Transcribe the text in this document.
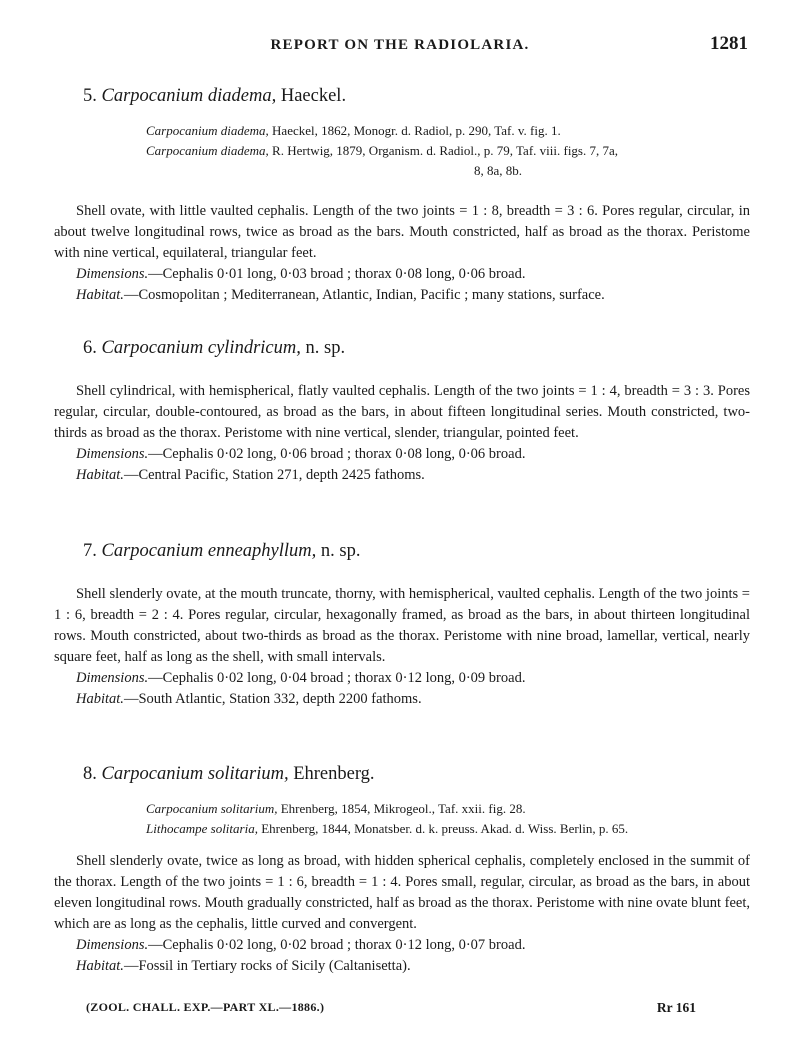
REPORT ON THE RADIOLARIA.	1281
5. Carpocanium diadema, Haeckel.
Carpocanium diadema, Haeckel, 1862, Monogr. d. Radiol, p. 290, Taf. v. fig. 1.
Carpocanium diadema, R. Hertwig, 1879, Organism. d. Radiol., p. 79, Taf. viii. figs. 7, 7a,
8, 8a, 8b.
Shell ovate, with little vaulted cephalis. Length of the two joints = 1 : 8, breadth = 3 : 6. Pores regular, circular, in about twelve longitudinal rows, twice as broad as the bars. Mouth constricted, half as broad as the thorax. Peristome with nine vertical, equilateral, triangular feet.
Dimensions.—Cephalis 0·01 long, 0·03 broad ; thorax 0·08 long, 0·06 broad.
Habitat.—Cosmopolitan ; Mediterranean, Atlantic, Indian, Pacific ; many stations, surface.
6. Carpocanium cylindricum, n. sp.
Shell cylindrical, with hemispherical, flatly vaulted cephalis. Length of the two joints = 1 : 4, breadth = 3 : 3. Pores regular, circular, double-contoured, as broad as the bars, in about fifteen longitudinal series. Mouth constricted, two-thirds as broad as the thorax. Peristome with nine vertical, slender, triangular, pointed feet.
Dimensions.—Cephalis 0·02 long, 0·06 broad ; thorax 0·08 long, 0·06 broad.
Habitat.—Central Pacific, Station 271, depth 2425 fathoms.
7. Carpocanium enneaphyllum, n. sp.
Shell slenderly ovate, at the mouth truncate, thorny, with hemispherical, vaulted cephalis. Length of the two joints = 1 : 6, breadth = 2 : 4. Pores regular, circular, hexagonally framed, as broad as the bars, in about thirteen longitudinal rows. Mouth constricted, about two-thirds as broad as the thorax. Peristome with nine broad, lamellar, vertical, nearly square feet, half as long as the shell, with small intervals.
Dimensions.—Cephalis 0·02 long, 0·04 broad ; thorax 0·12 long, 0·09 broad.
Habitat.—South Atlantic, Station 332, depth 2200 fathoms.
8. Carpocanium solitarium, Ehrenberg.
Carpocanium solitarium, Ehrenberg, 1854, Mikrogeol., Taf. xxii. fig. 28.
Lithocampe solitaria, Ehrenberg, 1844, Monatsber. d. k. preuss. Akad. d. Wiss. Berlin, p. 65.
Shell slenderly ovate, twice as long as broad, with hidden spherical cephalis, completely enclosed in the summit of the thorax. Length of the two joints = 1 : 6, breadth = 1 : 4. Pores small, regular, circular, as broad as the bars, in about eleven longitudinal rows. Mouth gradually constricted, half as broad as the thorax. Peristome with nine ovate blunt feet, which are as long as the cephalis, little curved and convergent.
Dimensions.—Cephalis 0·02 long, 0·02 broad ; thorax 0·12 long, 0·07 broad.
Habitat.—Fossil in Tertiary rocks of Sicily (Caltanisetta).
(ZOOL. CHALL. EXP.—PART XL.—1886.)	Rr 161
